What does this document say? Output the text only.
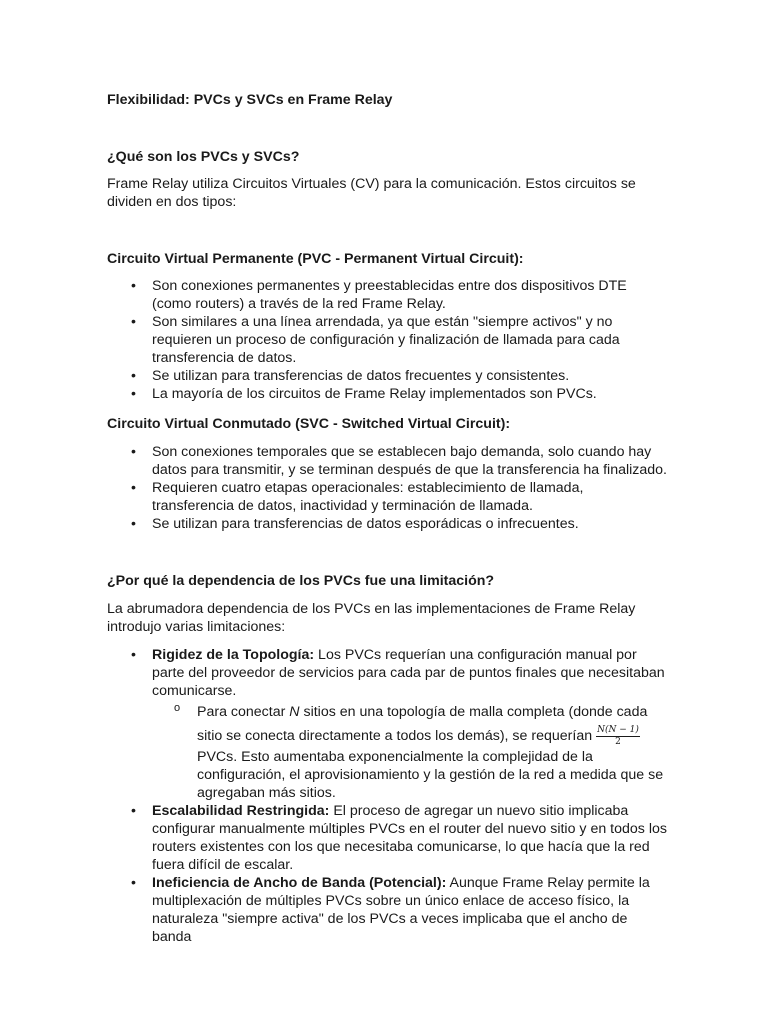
Flexibilidad: PVCs y SVCs en Frame Relay

¿Qué son los PVCs y SVCs?

Frame Relay utiliza Circuitos Virtuales (CV) para la comunicación. Estos circuitos se dividen en dos tipos:

Circuito Virtual Permanente (PVC - Permanent Virtual Circuit):

• Son conexiones permanentes y preestablecidas entre dos dispositivos DTE (como routers) a través de la red Frame Relay.
• Son similares a una línea arrendada, ya que están "siempre activos" y no requieren un proceso de configuración y finalización de llamada para cada transferencia de datos.
• Se utilizan para transferencias de datos frecuentes y consistentes.
• La mayoría de los circuitos de Frame Relay implementados son PVCs.

Circuito Virtual Conmutado (SVC - Switched Virtual Circuit):

• Son conexiones temporales que se establecen bajo demanda, solo cuando hay datos para transmitir, y se terminan después de que la transferencia ha finalizado.
• Requieren cuatro etapas operacionales: establecimiento de llamada, transferencia de datos, inactividad y terminación de llamada.
• Se utilizan para transferencias de datos esporádicas o infrecuentes.

¿Por qué la dependencia de los PVCs fue una limitación?

La abrumadora dependencia de los PVCs en las implementaciones de Frame Relay introdujo varias limitaciones:

• Rigidez de la Topología: Los PVCs requerían una configuración manual por parte del proveedor de servicios para cada par de puntos finales que necesitaban comunicarse.
o Para conectar N sitios en una topología de malla completa (donde cada sitio se conecta directamente a todos los demás), se requerían $\frac{N(N - 1)}{2}$

PVCs. Esto aumentaba exponencialmente la complejidad de la configuración, el aprovisionamiento y la gestión de la red a medida que se agregaban más sitios.
• Escalabilidad Restringida: El proceso de agregar un nuevo sitio implicaba configurar manualmente múltiples PVCs en el router del nuevo sitio y en todos los routers existentes con los que necesitaba comunicarse, lo que hacía que la red fuera difícil de escalar.
• Ineficiencia de Ancho de Banda (Potencial): Aunque Frame Relay permite la multiplexación de múltiples PVCs sobre un único enlace de acceso físico, la naturaleza "siempre activa" de los PVCs a veces implicaba que el ancho de banda
